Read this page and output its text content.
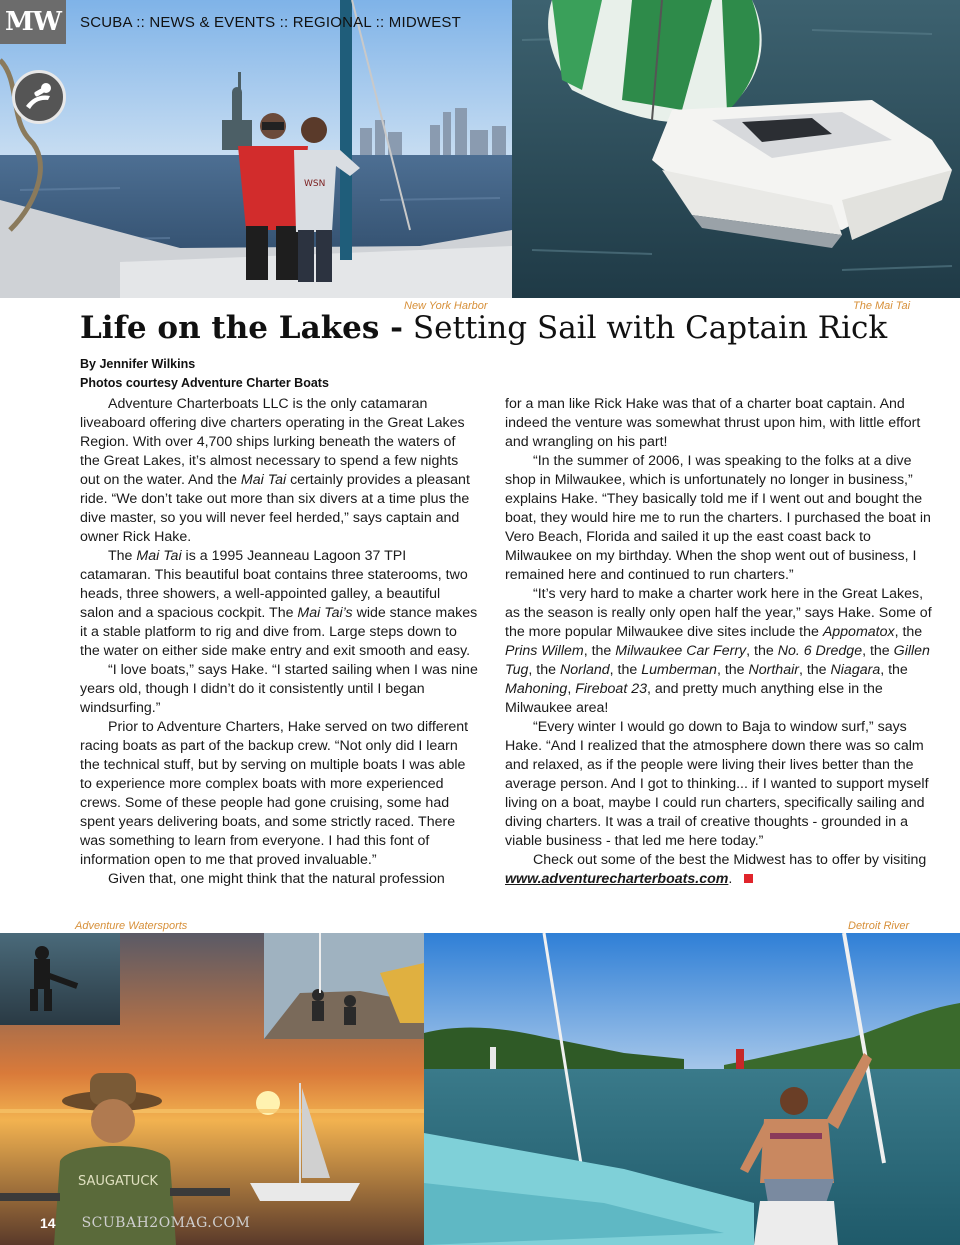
WSN
MW	SCUBA :: NEWS & EVENTS :: REGIONAL :: MIDWEST
New York Harbor	The Mai Tai
Life on the Lakes - Setting Sail with Captain Rick
By Jennifer Wilkins
Photos courtesy Adventure Charter Boats

Adventure Charterboats LLC is the only catamaran liveaboard offering dive charters operating in the Great Lakes Region. With over 4,700 ships lurking beneath the waters of the Great Lakes, it’s almost necessary to spend a few nights out on the water. And the Mai Tai certainly provides a pleasant ride. “We don’t take out more than six divers at a time plus the dive master, so you will never feel herded,” says captain and owner Rick Hake.

The Mai Tai is a 1995 Jeanneau Lagoon 37 TPI catamaran. This beautiful boat contains three staterooms, two heads, three showers, a well-appointed galley, a beautiful salon and a spacious cockpit. The Mai Tai’s wide stance makes it a stable platform to rig and dive from. Large steps down to the water on either side make entry and exit smooth and easy.

“I love boats,” says Hake. “I started sailing when I was nine years old, though I didn’t do it consistently until I began windsurfing.”

Prior to Adventure Charters, Hake served on two different racing boats as part of the backup crew. “Not only did I learn the technical stuff, but by serving on multiple boats I was able to experience more complex boats with more experienced crews. Some of these people had gone cruising, some had spent years delivering boats, and some strictly raced. There was something to learn from everyone. I had this font of information open to me that proved invaluable.”

Given that, one might think that the natural profession

for a man like Rick Hake was that of a charter boat captain. And indeed the venture was somewhat thrust upon him, with little effort and wrangling on his part!

“In the summer of 2006, I was speaking to the folks at a dive shop in Milwaukee, which is unfortunately no longer in business,” explains Hake. “They basically told me if I went out and bought the boat, they would hire me to run the charters. I purchased the boat in Vero Beach, Florida and sailed it up the east coast back to Milwaukee on my birthday. When the shop went out of business, I remained here and continued to run charters.”

“It’s very hard to make a charter work here in the Great Lakes, as the season is really only open half the year,” says Hake. Some of the more popular Milwaukee dive sites include the Appomatox, the Prins Willem, the Milwaukee Car Ferry, the No. 6 Dredge, the Gillen Tug, the Norland, the Lumberman, the Northair, the Niagara, the Mahoning, Fireboat 23, and pretty much anything else in the Milwaukee area!

“Every winter I would go down to Baja to window surf,” says Hake. “And I realized that the atmosphere down there was so calm and relaxed, as if the people were living their lives better than the average person. And I got to thinking... if I wanted to support myself living on a boat, maybe I could run charters, specifically sailing and diving charters. It was a trail of creative thoughts - grounded in a viable business - that led me here today.”

Check out some of the best the Midwest has to offer by visiting www.adventurecharterboats.com.

Adventure Watersports	Detroit River
SAUGATUCK
14 SCUBAH2OMAG.COM
